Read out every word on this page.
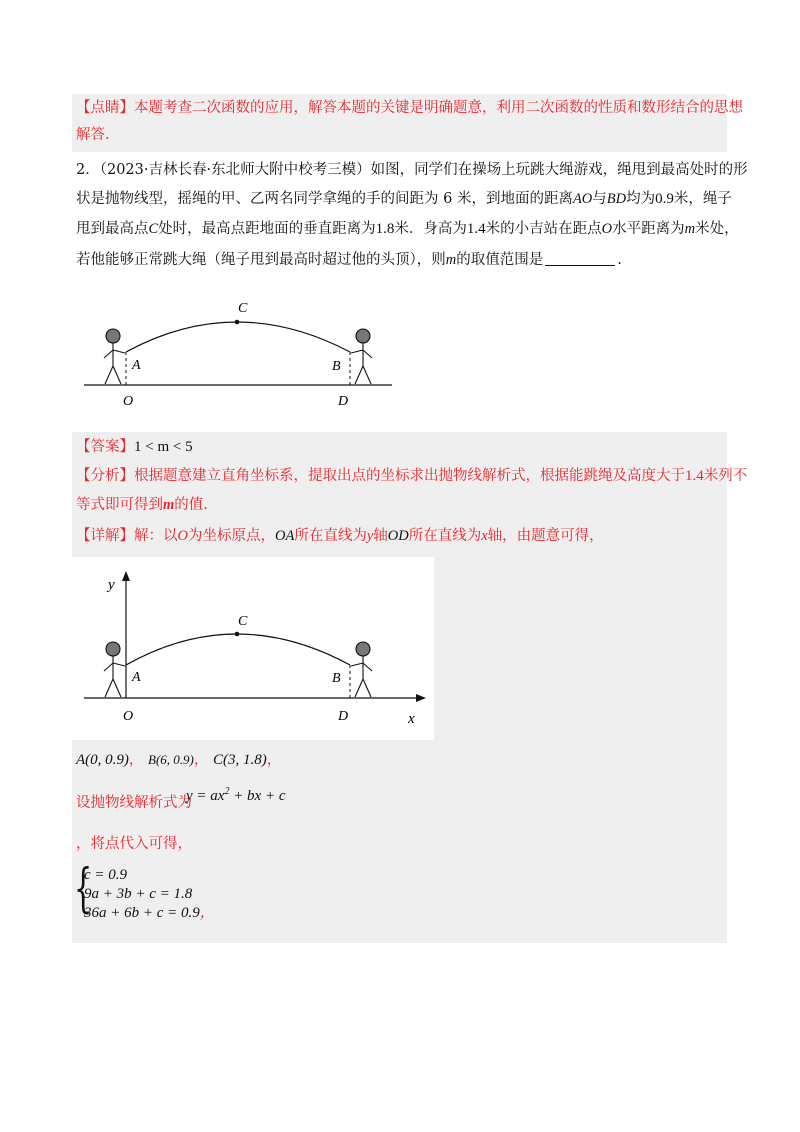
【点睛】本题考查二次函数的应用，解答本题的关键是明确题意，利用二次函数的性质和数形结合的思想
解答.
2．（2023·吉林长春·东北师大附中校考三模）如图，同学们在操场上玩跳大绳游戏，绳甩到最高处时的形
状是抛物线型，摇绳的甲、乙两名同学拿绳的手的间距为 6 米，到地面的距离AO与BD均为0.9米，绳子
甩到最高点C处时，最高点距地面的垂直距离为1.8米．身高为1.4米的小吉站在距点O水平距离为m米处，
若他能够正常跳大绳（绳子甩到最高时超过他的头顶），则m的取值范围是	.
C
A	B
O	D
【答案】1 < m < 5
【分析】根据题意建立直角坐标系，提取出点的坐标求出抛物线解析式，根据能跳绳及高度大于1.4米列不
等式即可得到m的值.
【详解】解：以O为坐标原点，OA所在直线为y轴OD所在直线为x轴，由题意可得，
y
x
C
A	B
O	D
A(0, 0.9)， B(6, 0.9)， C(3, 1.8)，
设抛物线解析式为
$y = ax^2$ + bx + c
，将点代入可得，
{
c = 0.9
9a + 3b + c = 1.8
36a + 6b + c = 0.9，
